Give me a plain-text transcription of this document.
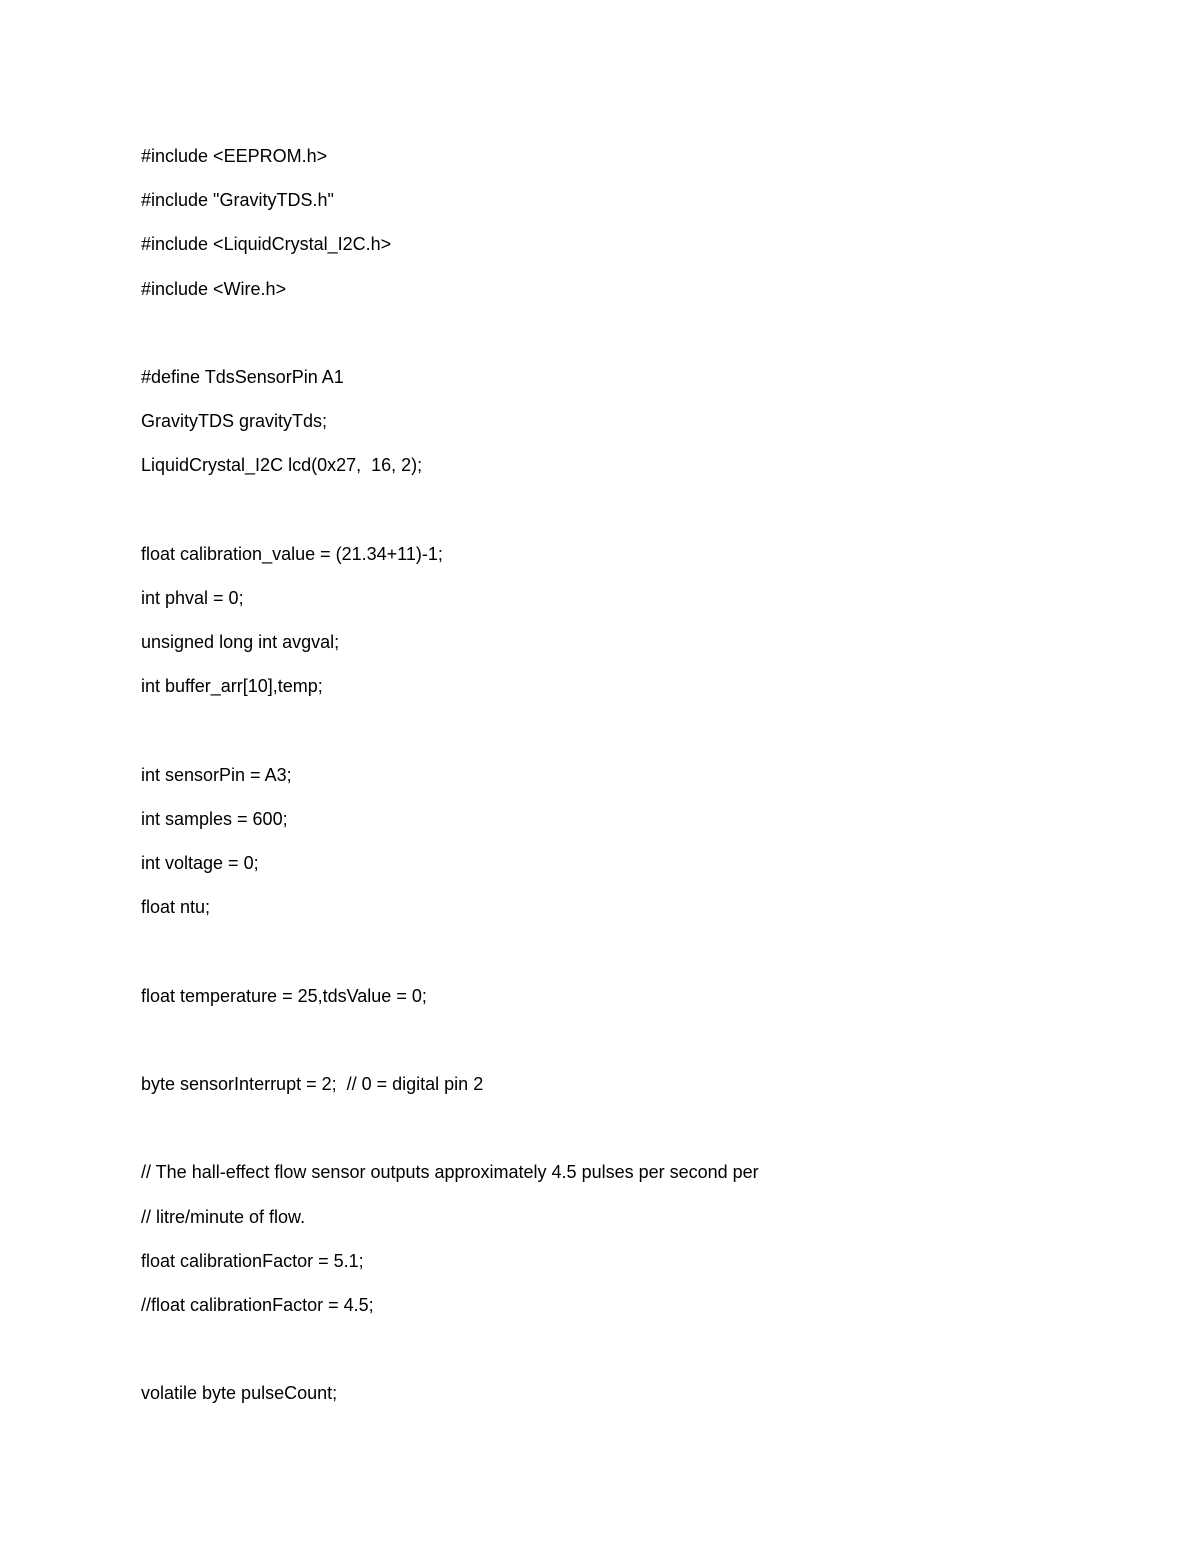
#include <EEPROM.h>
#include "GravityTDS.h"
#include <LiquidCrystal_I2C.h>
#include <Wire.h>
#define TdsSensorPin A1
GravityTDS gravityTds;
LiquidCrystal_I2C lcd(0x27,  16, 2);
float calibration_value = (21.34+11)-1;
int phval = 0;
unsigned long int avgval;
int buffer_arr[10],temp;
int sensorPin = A3;
int samples = 600;
int voltage = 0;
float ntu;
float temperature = 25,tdsValue = 0;
byte sensorInterrupt = 2;  // 0 = digital pin 2
// The hall-effect flow sensor outputs approximately 4.5 pulses per second per
// litre/minute of flow.
float calibrationFactor = 5.1;
//float calibrationFactor = 4.5;
volatile byte pulseCount;
